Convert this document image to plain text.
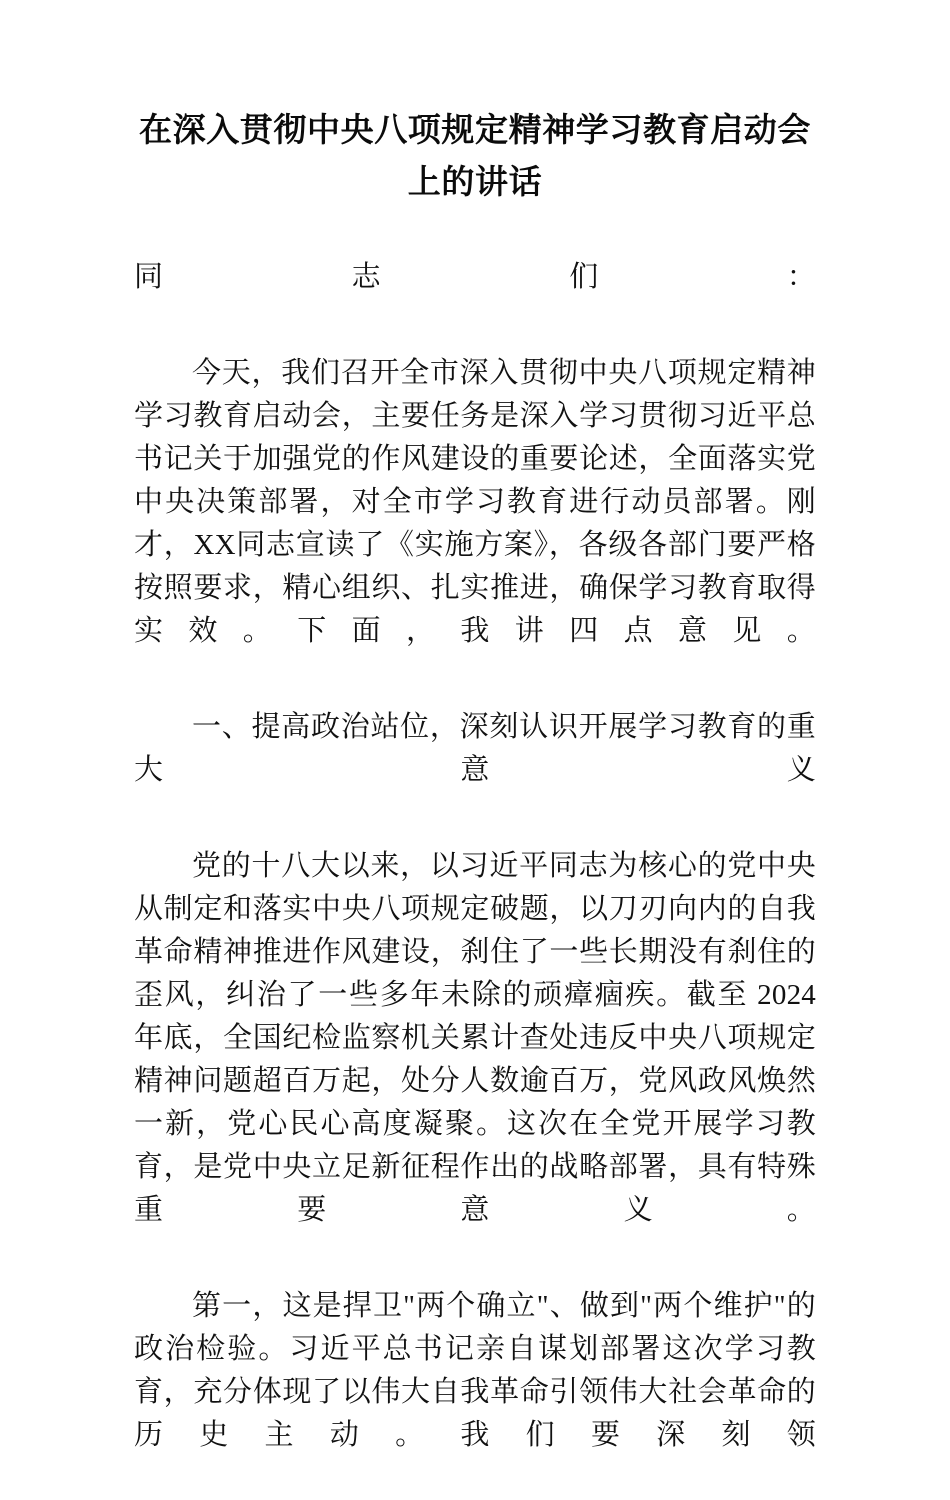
在深入贯彻中央八项规定精神学习教育启动会上的讲话

同志们：

今天，我们召开全市深入贯彻中央八项规定精神学习教育启动会，主要任务是深入学习贯彻习近平总书记关于加强党的作风建设的重要论述，全面落实党中央决策部署，对全市学习教育进行动员部署。刚才，XX同志宣读了《实施方案》，各级各部门要严格按照要求，精心组织、扎实推进，确保学习教育取得实效。下面，我讲四点意见。

一、提高政治站位，深刻认识开展学习教育的重大意义

党的十八大以来，以习近平同志为核心的党中央从制定和落实中央八项规定破题，以刀刃向内的自我革命精神推进作风建设，刹住了一些长期没有刹住的歪风，纠治了一些多年未除的顽瘴痼疾。截至 2024 年底，全国纪检监察机关累计查处违反中央八项规定精神问题超百万起，处分人数逾百万，党风政风焕然一新，党心民心高度凝聚。这次在全党开展学习教育，是党中央立足新征程作出的战略部署，具有特殊重要意义。

第一，这是捍卫"两个确立"、做到"两个维护"的政治检验。习近平总书记亲自谋划部署这次学习教育，充分体现了以伟大自我革命引领伟大社会革命的历史主动。我们要深刻领
